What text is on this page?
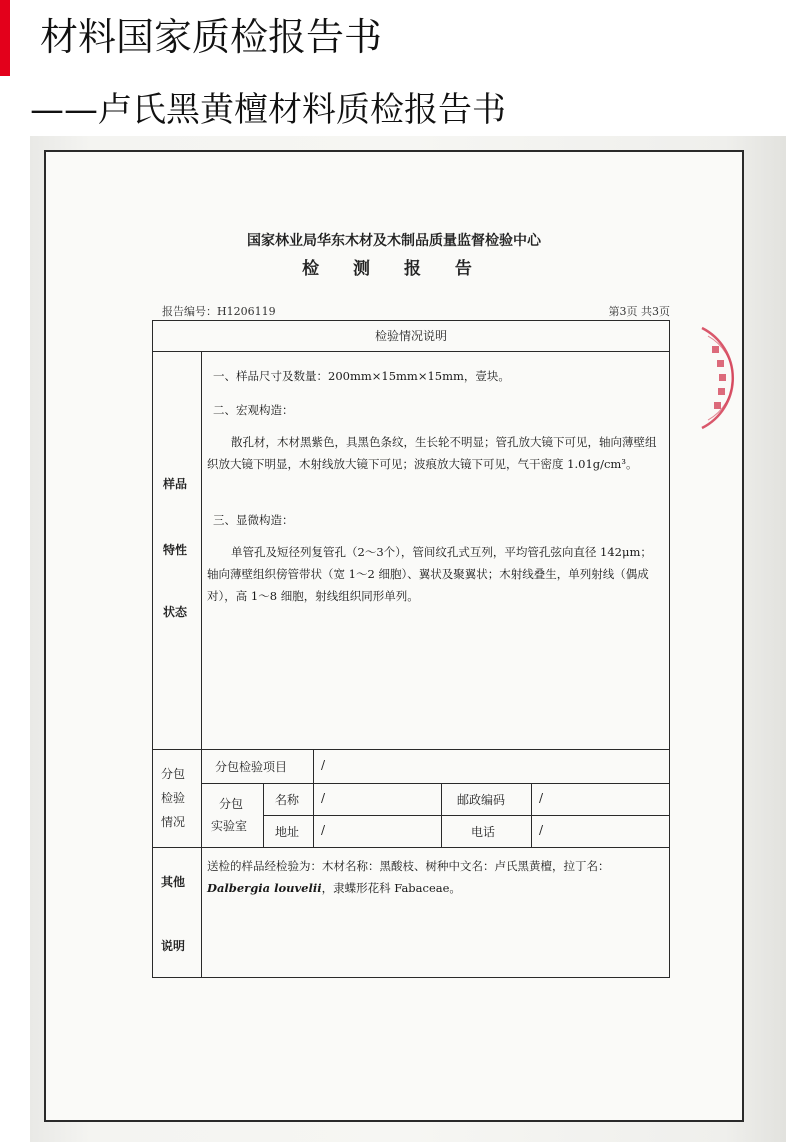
材料国家质检报告书
——卢氏黑黄檀材料质检报告书
国家林业局华东木材及木制品质量监督检验中心
检 测 报 告
报告编号：H1206119	第3页 共3页
检验情况说明
样品
特性
状态
一、样品尺寸及数量：200mm×15mm×15mm，壹块。
二、宏观构造：
散孔材，木材黑紫色，具黑色条纹，生长轮不明显；管孔放大镜下可见，轴向薄壁组织放大镜下明显，木射线放大镜下可见；波痕放大镜下可见，气干密度 1.01g/cm³。
三、显微构造：
单管孔及短径列复管孔（2～3个），管间纹孔式互列，平均管孔弦向直径 142μm；轴向薄壁组织傍管带状（宽 1～2 细胞）、翼状及聚翼状；木射线叠生，单列射线（偶成对），高 1～8 细胞，射线组织同形单列。
分包
检验
情况
分包检验项目	/
分包
实验室
名称 /	邮政编码	/
地址 /	电话	/
其他
说明
送检的样品经检验为：木材名称：黑酸枝、树种中文名：卢氏黑黄檀，拉丁名：Dalbergia louvelii，隶蝶形花科 Fabaceae。
